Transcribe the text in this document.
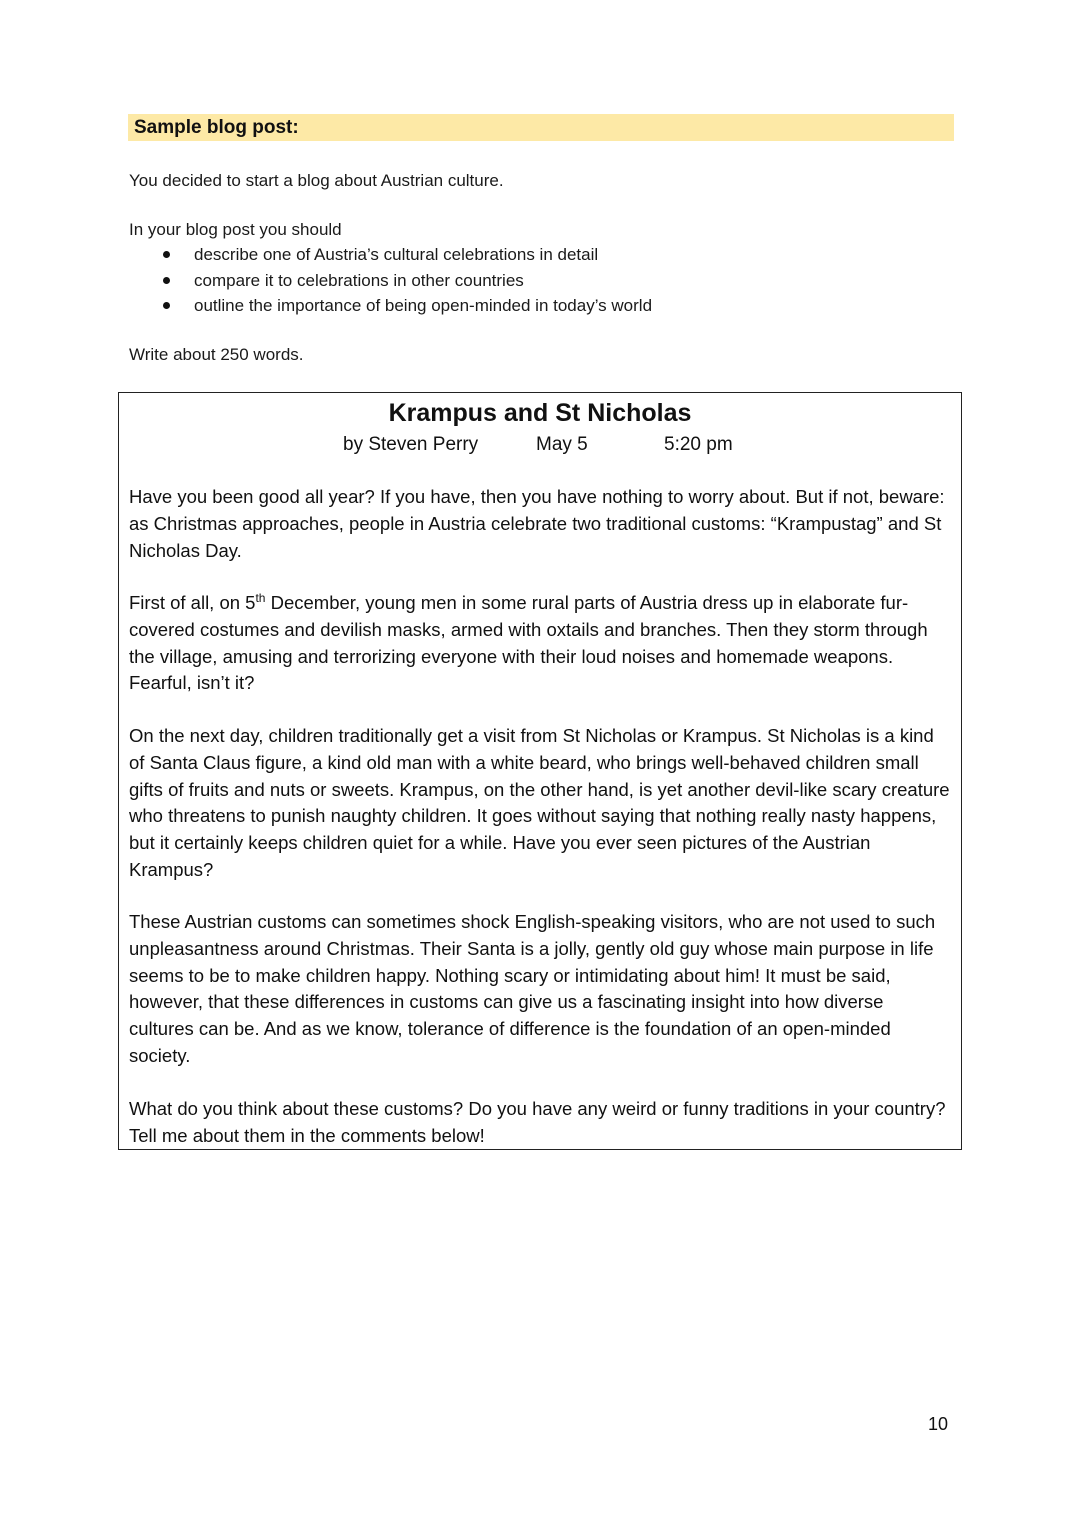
Sample blog post:
You decided to start a blog about Austrian culture.
In your blog post you should
describe one of Austria’s cultural celebrations in detail
compare it to celebrations in other countries
outline the importance of being open-minded in today’s world
Write about 250 words.
Krampus and St Nicholas
by Steven Perry	May 5	5:20 pm

Have you been good all year? If you have, then you have nothing to worry about. But if not, beware: as Christmas approaches, people in Austria celebrate two traditional customs: “Krampustag” and St Nicholas Day.

First of all, on 5th December, young men in some rural parts of Austria dress up in elaborate fur-covered costumes and devilish masks, armed with oxtails and branches. Then they storm through the village, amusing and terrorizing everyone with their loud noises and homemade weapons. Fearful, isn’t it?

On the next day, children traditionally get a visit from St Nicholas or Krampus. St Nicholas is a kind of Santa Claus figure, a kind old man with a white beard, who brings well-behaved children small gifts of fruits and nuts or sweets. Krampus, on the other hand, is yet another devil-like scary creature who threatens to punish naughty children. It goes without saying that nothing really nasty happens, but it certainly keeps children quiet for a while. Have you ever seen pictures of the Austrian Krampus?

These Austrian customs can sometimes shock English-speaking visitors, who are not used to such unpleasantness around Christmas. Their Santa is a jolly, gently old guy whose main purpose in life seems to be to make children happy. Nothing scary or intimidating about him! It must be said, however, that these differences in customs can give us a fascinating insight into how diverse cultures can be. And as we know, tolerance of difference is the foundation of an open-minded society.

What do you think about these customs? Do you have any weird or funny traditions in your country? Tell me about them in the comments below!

10
